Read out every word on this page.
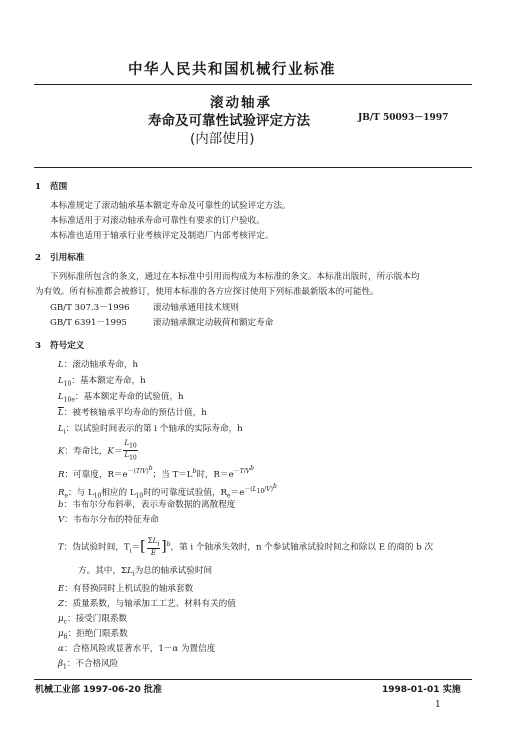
中华人民共和国机械行业标准
滚动轴承
寿命及可靠性试验评定方法
(内部使用)
JB/T 50093－1997
1 范围
本标准规定了滚动轴承基本额定寿命及可靠性的试验评定方法。
本标准适用于对滚动轴承寿命可靠性有要求的订户验收。
本标准也适用于轴承行业考核评定及制造厂内部考核评定。
2 引用标准
下列标准所包含的条文，通过在本标准中引用而构成为本标准的条文。本标准出版时，所示版本均
为有效。所有标准都会被修订，使用本标准的各方应探讨使用下列标准最新版本的可能性。
GB/T 307.3－1996	滚动轴承通用技术规则
GB/T 6391－1995	滚动轴承额定动载荷和额定寿命
3 符号定义
L：滚动轴承寿命，h
$L_{10}$：基本额定寿命，h
$L_{10e}$：基本额定寿命的试验值，h
$\overline{L}$：被考核轴承平均寿命的预估计值，h
$L_i$：以试验时间表示的第 i 个轴承的实际寿命，h
K：寿命比，$K= \frac{L_{10}}{L_{10}}$
R：可靠度，$R=e^{-(T/V)^b}$；当 $T=L^b$时，$R=e^{-T/V^b}$
$R_e$：与 $L_{10}$相应的 $L_{10}$时的可靠度试验值，$R_e=e^{-(L_{10}/V)^b}$
b：韦布尔分布斜率，表示寿命数据的离散程度
V：韦布尔分布的特征寿命
T：伪试验时间，$T_i=[ \frac{\Sigma L_i}{E} ]^b$，第 i 个轴承失效时，n 个参试轴承试验时间之和除以 E 的商的 b 次
方。其中，$\Sigma L_i$为总的轴承试验时间
E：有替换同时上机试验的轴承套数
Z：质量系数，与轴承加工工艺、材料有关的值
$\mu_c$：接受门限系数
$\mu_{fi}$：拒绝门限系数
α：合格风险或显著水平，1－α 为置信度
$\beta_1$：不合格风险
机械工业部 1997-06-20 批准	1998-01-01 实施
1
